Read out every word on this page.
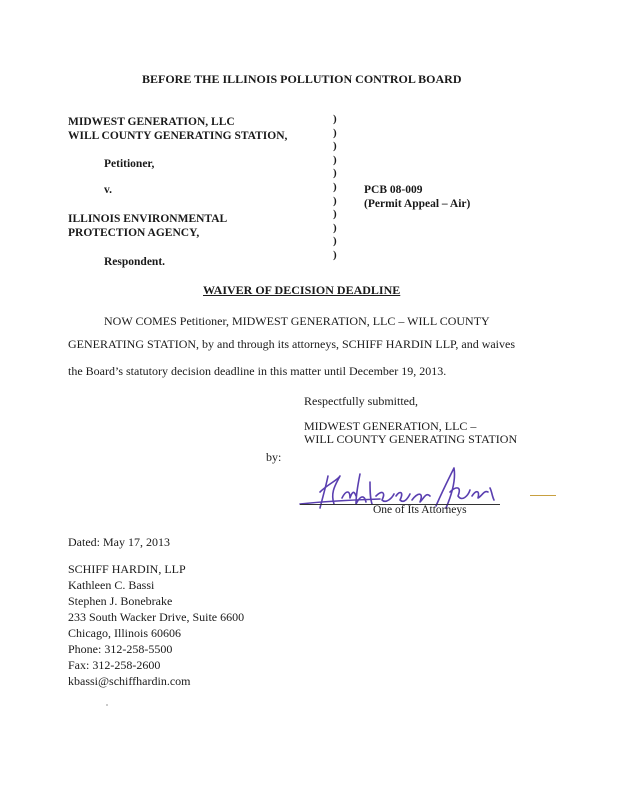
BEFORE THE ILLINOIS POLLUTION CONTROL BOARD
MIDWEST GENERATION, LLC
WILL COUNTY GENERATING STATION,
Petitioner,
v.
ILLINOIS ENVIRONMENTAL
PROTECTION AGENCY,
Respondent.
)
)
)
)
)
)
)
)
)
)
)
PCB 08-009
(Permit Appeal – Air)
WAIVER OF DECISION DEADLINE
NOW COMES Petitioner, MIDWEST GENERATION, LLC – WILL COUNTY
GENERATING STATION, by and through its attorneys, SCHIFF HARDIN LLP, and waives
the Board’s statutory decision deadline in this matter until December 19, 2013.
Respectfully submitted,
MIDWEST GENERATION, LLC –
WILL COUNTY GENERATING STATION
by:
One of Its Attorneys
Dated: May 17, 2013
SCHIFF HARDIN, LLP
Kathleen C. Bassi
Stephen J. Bonebrake
233 South Wacker Drive, Suite 6600
Chicago, Illinois 60606
Phone: 312-258-5500
Fax: 312-258-2600
kbassi@schiffhardin.com
